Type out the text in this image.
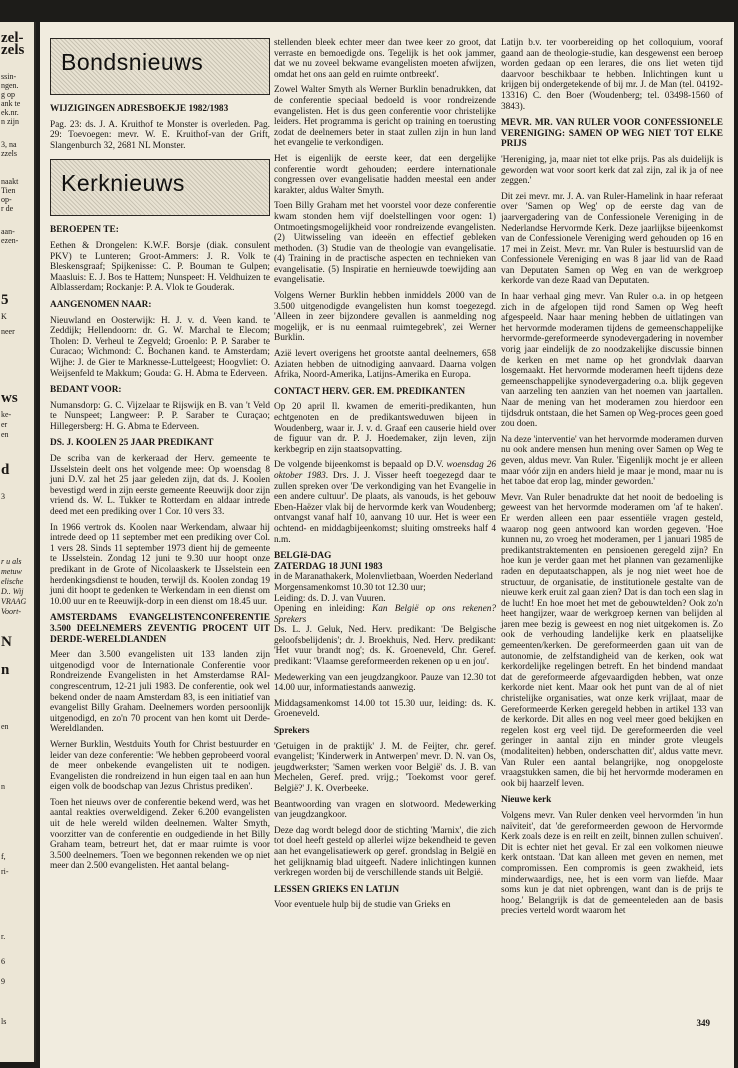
zel-
zels
ssin-
ngen.
g op
ank te
ek.nr.
n zijn
3, na
zzels
naakt
Tien
op-
r de
aan-
ezen-
5
K
neer
ws
ke-
er
en
d
3
r u als
metuw
elische
D.. Wij
VRAAG
Voort-
N
n
en
n
f,
ri-
r.
6
9
ls
Bondsnieuws

WIJZIGINGEN ADRESBOEKJE 1982/1983

Pag. 23: ds. J. A. Kruithof te Monster is overleden. Pag. 29: Toevoegen: mevr. W. E. Kruithof-van der Grift, Slangenburch 32, 2681 NL Monster.

Kerknieuws

BEROEPEN TE:

Eethen & Drongelen: K.W.F. Borsje (diak. consulent PKV) te Lunteren; Groot-Ammers: J. R. Volk te Bleskensgraaf; Spijkenisse: C. P. Bouman te Gulpen; Maasluis: E. J. Bos te Hattem; Nunspeet: H. Veldhuizen te Alblasserdam; Rockanje: P. A. Vlok te Gouderak.

AANGENOMEN NAAR:

Nieuwland en Oosterwijk: H. J. v. d. Veen kand. te Zeddijk; Hellendoorn: dr. G. W. Marchal te Elecom; Tholen: D. Verheul te Zegveld; Groenlo: P. P. Saraber te Curacao; Wichmond: C. Bochanen kand. te Amsterdam; Wijhe: J. de Gier te Marknesse-Luttelgeest; Hoogvliet: O. Weijsenfeld te Makkum; Gouda: G. H. Abma te Ederveen.

BEDANT VOOR:

Numansdorp: G. C. Vijzelaar te Rijswijk en B. van 't Veld te Nunspeet; Langweer: P. P. Saraber te Curaçao; Hillegersberg: H. G. Abma te Ederveen.

DS. J. KOOLEN 25 JAAR PREDIKANT

De scriba van de kerkeraad der Herv. gemeente te IJsselstein deelt ons het volgende mee: Op woensdag 8 juni D.V. zal het 25 jaar geleden zijn, dat ds. J. Koolen bevestigd werd in zijn eerste gemeente Reeuwijk door zijn vriend ds. W. L. Tukker te Rotterdam en aldaar intrede deed met een prediking over 1 Cor. 10 vers 33.

In 1966 vertrok ds. Koolen naar Werkendam, alwaar hij intrede deed op 11 september met een prediking over Col. 1 vers 28. Sinds 11 september 1973 dient hij de gemeente te IJsselstein. Zondag 12 juni te 9.30 uur hoopt onze predikant in de Grote of Nicolaaskerk te IJsselstein een herdenkingsdienst te houden, terwijl ds. Koolen zondag 19 juni dit hoopt te gedenken te Werkendam in een dienst om 10.00 uur en te Reeuwijk-dorp in een dienst om 18.45 uur.

AMSTERDAMS EVANGELISTENCONFERENTIE 3.500 DEELNEMERS ZEVENTIG PROCENT UIT DERDE-WERELDLANDEN

Meer dan 3.500 evangelisten uit 133 landen zijn uitgenodigd voor de Internationale Conferentie voor Rondreizende Evangelisten in het Amsterdamse RAI-congrescentrum, 12-21 juli 1983. De conferentie, ook wel bekend onder de naam Amsterdam 83, is een initiatief van evangelist Billy Graham. Deelnemers worden persoonlijk uitgenodigd, en zo'n 70 procent van hen komt uit Derde-Wereldlanden.

Werner Burklin, Westduits Youth for Christ bestuurder en leider van deze conferentie: 'We hebben geprobeerd vooral de meer onbekende evangelisten uit te nodigen. Evangelisten die rondreizend in hun eigen taal en aan hun eigen volk de boodschap van Jezus Christus prediken'.

Toen het nieuws over de conferentie bekend werd, was het aantal reakties overweldigend. Zeker 6.200 evangelisten uit de hele wereld wilden deelnemen. Walter Smyth, voorzitter van de conferentie en oudgediende in het Billy Graham team, betreurt het, dat er maar ruimte is voor 3.500 deelnemers. 'Toen we begonnen rekenden we op niet meer dan 2.500 evangelisten. Het aantal belang-

stellenden bleek echter meer dan twee keer zo groot, dat verraste en bemoedigde ons. Tegelijk is het ook jammer, dat we nu zoveel bekwame evangelisten moeten afwijzen, omdat het ons aan geld en ruimte ontbreekt'.

Zowel Walter Smyth als Werner Burklin benadrukken, dat de conferentie speciaal bedoeld is voor rondreizende evangelisten. Het is dus geen conferentie voor christelijke leiders. Het programma is gericht op training en toerusting zodat de deelnemers beter in staat zullen zijn in hun land het evangelie te verkondigen.

Het is eigenlijk de eerste keer, dat een dergelijke conferentie wordt gehouden; eerdere internationale congressen over evangelisatie hadden meestal een ander karakter, aldus Walter Smyth.

Toen Billy Graham met het voorstel voor deze conferentie kwam stonden hem vijf doelstellingen voor ogen: 1) Ontmoetingsmogelijkheid voor rondreizende evangelisten. (2) Uitwisseling van ideeën en effectief gebleken methoden. (3) Studie van de theologie van evangelisatie. (4) Training in de practische aspecten en technieken van evangelisatie. (5) Inspiratie en hernieuwde toewijding aan evangelisatie.

Volgens Werner Burklin hebben inmiddels 2000 van de 3.500 uitgenodigde evangelisten hun komst toegezegd. 'Alleen in zeer bijzondere gevallen is aanmelding nog mogelijk, er is nu eenmaal ruimtegebrek', zei Werner Burklin.

Azië levert overigens het grootste aantal deelnemers, 658 Aziaten hebben de uitnodiging aanvaard. Daarna volgen Afrika, Noord-Amerika, Latijns-Amerika en Europa.

CONTACT HERV. GER. EM. PREDIKANTEN

Op 20 april Il. kwamen de emeriti-predikanten, hun echtgenoten en de predikantsweduwen bijeen in Woudenberg, waar ir. J. v. d. Graaf een causerie hield over de figuur van dr. P. J. Hoedemaker, zijn leven, zijn kerkbegrip en zijn staatsopvatting.

De volgende bijeenkomst is bepaald op D.V. woensdag 26 oktober 1983. Drs. J. J. Visser heeft toegezegd daar te zullen spreken over 'De verkondiging van het Evangelie in een andere cultuur'. De plaats, als vanouds, is het gebouw Eben-Haëzer vlak bij de hervormde kerk van Woudenberg; ontvangst vanaf half 10, aanvang 10 uur. Het is weer een ochtend- en middagbijeenkomst; sluiting omstreeks half 4 n.m.

BELGIë-DAG

ZATERDAG 18 JUNI 1983

in de Maranathakerk, Molenvlietbaan, Woerden Nederland

Morgensamenkomst 10.30 tot 12.30 uur;

Leiding: ds. D. J. van Vuuren.

Opening en inleiding: Kan België op ons rekenen? Sprekers

Ds. L. J. Geluk, Ned. Herv. predikant: 'De Belgische geloofsbelijdenis'; dr. J. Broekhuis, Ned. Herv. predikant: 'Het vuur brandt nog'; ds. K. Groeneveld, Chr. Geref. predikant: 'Vlaamse gereformeerden rekenen op u en jou'.

Medewerking van een jeugdzangkoor. Pauze van 12.30 tot 14.00 uur, informatiestands aanwezig.

Middagsamenkomst 14.00 tot 15.30 uur, leiding: ds. K. Groeneveld.

Sprekers

'Getuigen in de praktijk' J. M. de Feijter, chr. geref. evangelist; 'Kinderwerk in Antwerpen' mevr. D. N. van Os, jeugdwerkster; 'Samen werken voor België' ds. J. B. van Mechelen, Geref. pred. vrijg.; 'Toekomst voor geref. België?' J. K. Overbeeke.

Beantwoording van vragen en slotwoord. Medewerking van jeugdzangkoor.

Deze dag wordt belegd door de stichting 'Marnix', die zich tot doel heeft gesteld op allerlei wijze bekendheid te geven aan het evangelisatiewerk op geref. grondslag in België en het gelijknamig blad uitgeeft. Nadere inlichtingen kunnen verkregen worden bij de verschillende stands uit België.

LESSEN GRIEKS EN LATIJN

Voor eventuele hulp bij de studie van Grieks en

Latijn b.v. ter voorbereiding op het colloquium, vooraf gaand aan de theologie-studie, kan desgewenst een beroep worden gedaan op een lerares, die ons liet weten tijd daarvoor beschikbaar te hebben. Inlichtingen kunt u krijgen bij ondergetekende of bij mr. J. de Man (tel. 04192-13316) C. den Boer (Woudenberg; tel. 03498-1560 of 3843).

MEVR. MR. VAN RULER VOOR CONFESSIONELE VERENIGING: SAMEN OP WEG NIET TOT ELKE PRIJS

'Hereniging, ja, maar niet tot elke prijs. Pas als duidelijk is geworden wat voor soort kerk dat zal zijn, zal ik ja of nee zeggen.'

Dit zei mevr. mr. J. A. van Ruler-Hamelink in haar referaat over 'Samen op Weg' op de eerste dag van de jaarvergadering van de Confessionele Vereniging in de Nederlandse Hervormde Kerk. Deze jaarlijkse bijeenkomst van de Confessionele Vereniging werd gehouden op 16 en 17 mei in Zeist. Mevr. mr. Van Ruler is bestuurslid van de Confessionele Vereniging en was 8 jaar lid van de Raad van Deputaten Samen op Weg en van de werkgroep kerkorde van deze Raad van Deputaten.

In haar verhaal ging mevr. Van Ruler o.a. in op hetgeen zich in de afgelopen tijd rond Samen op Weg heeft afgespeeld. Naar haar mening hebben de uitlatingen van het hervormde moderamen tijdens de gemeenschappelijke hervormde-gereformeerde synodevergadering in november vorig jaar eindelijk de zo noodzakelijke discussie binnen de kerken en met name op het grondvlak daarvan losgemaakt. Het hervormde moderamen heeft tijdens deze gemeenschappelijke synodevergadering o.a. blijk gegeven van aarzeling ten aanzien van het noemen van jaartallen. Naar de mening van het moderamen zou hierdoor een tijdsdruk ontstaan, die het Samen op Weg-proces geen goed zou doen.

Na deze 'interventie' van het hervormde moderamen durven nu ook andere mensen hun mening over Samen op Weg te geven, aldus mevr. Van Ruler. 'Eigenlijk mocht je er alleen maar vóór zijn en anders hield je maar je mond, maar nu is het taboe dat erop lag, minder geworden.'

Mevr. Van Ruler benadrukte dat het nooit de bedoeling is geweest van het hervormde moderamen om 'af te haken'. Er werden alleen een paar essentiële vragen gesteld, waarop nog geen antwoord kan worden gegeven. 'Hoe kunnen nu, zo vroeg het moderamen, per 1 januari 1985 de predikantstraktementen en pensioenen geregeld zijn? En hoe kun je verder gaan met het plannen van gezamenlijke raden en deputaatschappen, als je nog niet weet hoe de structuur, de organisatie, de institutionele gestalte van de nieuwe kerk eruit zal gaan zien? Dat is dan toch een slag in de lucht! En hoe moet het met de gebouwtelden? Ook zo'n heet hangijzer, waar de werkgroep kernen van belijden al jaren mee bezig is geweest en nog niet uitgekomen is. Zo ook de verhouding landelijke kerk en plaatselijke gemeenten/kerken. De gereformeerden gaan uit van de autonomie, de zelfstandigheid van de kerken, ook wat kerkordelijke regelingen betreft. En het bindend mandaat dat de gereformeerde afgevaardigden hebben, wat onze kerkorde niet kent. Maar ook het punt van de al of niet christelijke organisaties, wat onze kerk vrijlaat, maar de Gereformeerde Kerken geregeld hebben in artikel 133 van de kerkorde. Dit alles en nog veel meer goed bekijken en regelen kost erg veel tijd. De gereformeerden die veel geringer in aantal zijn en minder grote vleugels (modaliteiten) hebben, onderschatten dit', aldus vatte mevr. Van Ruler een aantal belangrijke, nog onopgeloste vraagstukken samen, die bij het hervormde moderamen en ook bij haarzelf leven.

Nieuwe kerk

Volgens mevr. Van Ruler denken veel hervormden 'in hun naïviteit', dat 'de gereformeerden gewoon de Hervormde Kerk zoals deze is en reilt en zeilt, binnen zullen schuiven'. Dit is echter niet het geval. Er zal een volkomen nieuwe kerk ontstaan. 'Dat kan alleen met geven en nemen, met compromissen. Een compromis is geen zwakheid, iets minderwaardigs, nee, het is een vorm van liefde. Maar soms kun je dat niet opbrengen, want dan is de prijs te hoog.' Belangrijk is dat de gemeenteleden aan de basis precies verteld wordt waarom het

349
